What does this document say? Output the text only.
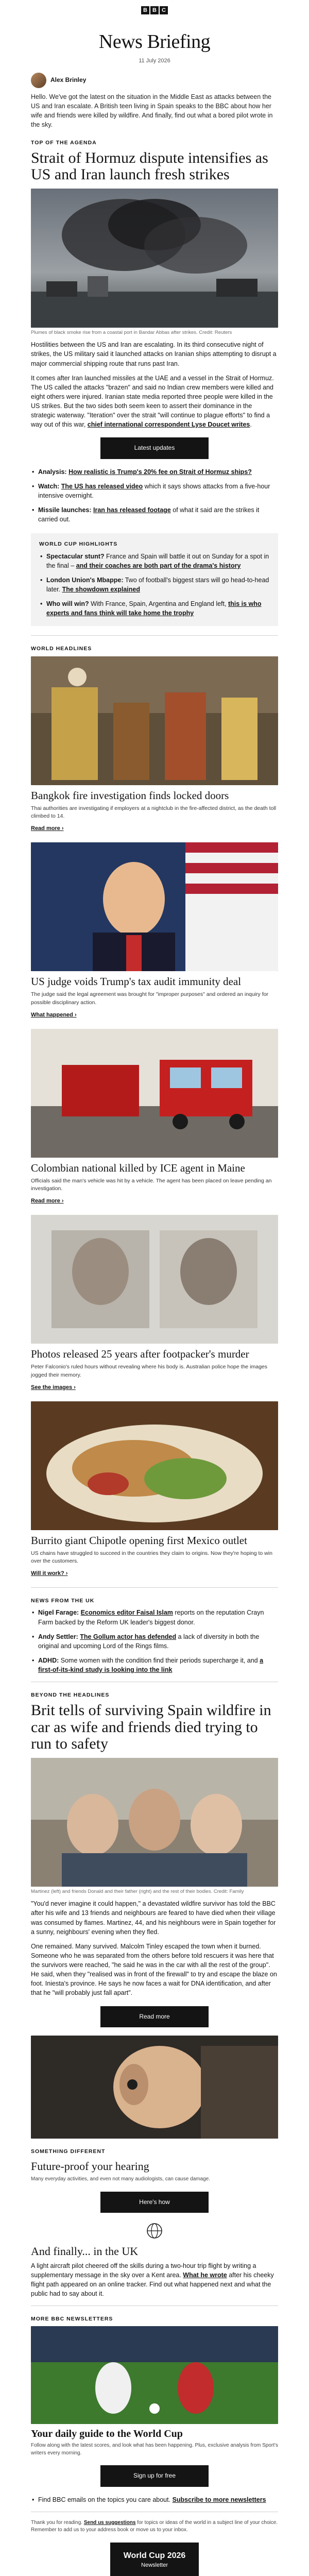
B B C
News Briefing
11 July 2026
Alex Brinley

Hello. We've got the latest on the situation in the Middle East as attacks between the US and Iran escalate. A British teen living in Spain speaks to the BBC about how her wife and friends were killed by wildfire. And finally, find out what a bored pilot wrote in the sky.

TOP OF THE AGENDA
Strait of Hormuz dispute intensifies as US and Iran launch fresh strikes
Plumes of black smoke rise from a coastal port in Bandar Abbas after strikes. Credit: Reuters

Hostilities between the US and Iran are escalating. In its third consecutive night of strikes, the US military said it launched attacks on Iranian ships attempting to disrupt a major commercial shipping route that runs past Iran.

It comes after Iran launched missiles at the UAE and a vessel in the Strait of Hormuz. The US called the attacks "brazen" and said no Indian crew members were killed and eight others were injured. Iranian state media reported three people were killed in the US strikes. But the two sides both seem keen to assert their dominance in the strategic waterway. "Iteration" over the strait "will continue to plague efforts" to find a way out of this war, chief international correspondent Lyse Doucet writes.

Latest updates
• Analysis: How realistic is Trump's 20% fee on Strait of Hormuz ships?
• Watch: The US has released video which it says shows attacks from a five-hour intensive overnight.
• Missile launches: Iran has released footage of what it said are the strikes it carried out.
WORLD CUP HIGHLIGHTS
• Spectacular stunt? France and Spain will battle it out on Sunday for a spot in the final – and their coaches are both part of the drama's history
• London Union's Mbappe: Two of football's biggest stars will go head-to-head later. The showdown explained
• Who will win? With France, Spain, Argentina and England left, this is who experts and fans think will take home the trophy
WORLD HEADLINES
Bangkok fire investigation finds locked doors
Thai authorities are investigating if employers at a nightclub in the fire-affected district, as the death toll climbed to 14.
Read more ›
US judge voids Trump's tax audit immunity deal
The judge said the legal agreement was brought for "improper purposes" and ordered an inquiry for possible disciplinary action.
What happened ›
Colombian national killed by ICE agent in Maine
Officials said the man's vehicle was hit by a vehicle. The agent has been placed on leave pending an investigation.
Read more ›
Photos released 25 years after footpacker's murder
Peter Falconio's ruled hours without revealing where his body is. Australian police hope the images jogged their memory.
See the images ›
Burrito giant Chipotle opening first Mexico outlet
US chains have struggled to succeed in the countries they claim to origins. Now they're hoping to win over the customers.
Will it work? ›
NEWS FROM THE UK
• Nigel Farage: Economics editor Faisal Islam reports on the reputation Crayn Farm backed by the Reform UK leader's biggest donor.
• Andy Settler: The Gollum actor has defended a lack of diversity in both the original and upcoming Lord of the Rings films.
• ADHD: Some women with the condition find their periods supercharge it, and a first-of-its-kind study is looking into the link
BEYOND THE HEADLINES
Brit tells of surviving Spain wildfire in car as wife and friends died trying to run to safety
Martinez (left) and friends Donald and their father (right) and the rest of their bodies. Credit: Family

"You'd never imagine it could happen," a devastated wildfire survivor has told the BBC after his wife and 13 friends and neighbours are feared to have died when their village was consumed by flames. Martinez, 44, and his neighbours were in Spain together for a sunny, neighbours' evening when they fled.

One remained. Many survived. Malcolm Tinley escaped the town when it burned. Someone who he was separated from the others before told rescuers it was here that the survivors were reached, "he said he was in the car with all the rest of the group". He said, when they "realised was in front of the firewall" to try and escape the blaze on foot. Iniesta's province. He says he now faces a wait for DNA identification, and after that he "will probably just fall apart".

Read more
SOMETHING DIFFERENT
Future-proof your hearing
Many everyday activities, and even not many audiologists, can cause damage.
Here's how
And finally... in the UK

A light aircraft pilot cheered off the skills during a two-hour trip flight by writing a supplementary message in the sky over a Kent area. What he wrote after his cheeky flight path appeared on an online tracker. Find out what happened next and what the public had to say about it.

MORE BBC NEWSLETTERS
Your daily guide to the World Cup
Follow along with the latest scores, and look what has been happening. Plus, exclusive analysis from Sport's writers every morning.
Sign up for free
• Find BBC emails on the topics you care about. Subscribe to more newsletters

Thank you for reading. Send us suggestions for topics or ideas of the world in a subject line of your choice. Remember to add us to your address book or move us to your inbox.

World Cup 2026
Newsletter
